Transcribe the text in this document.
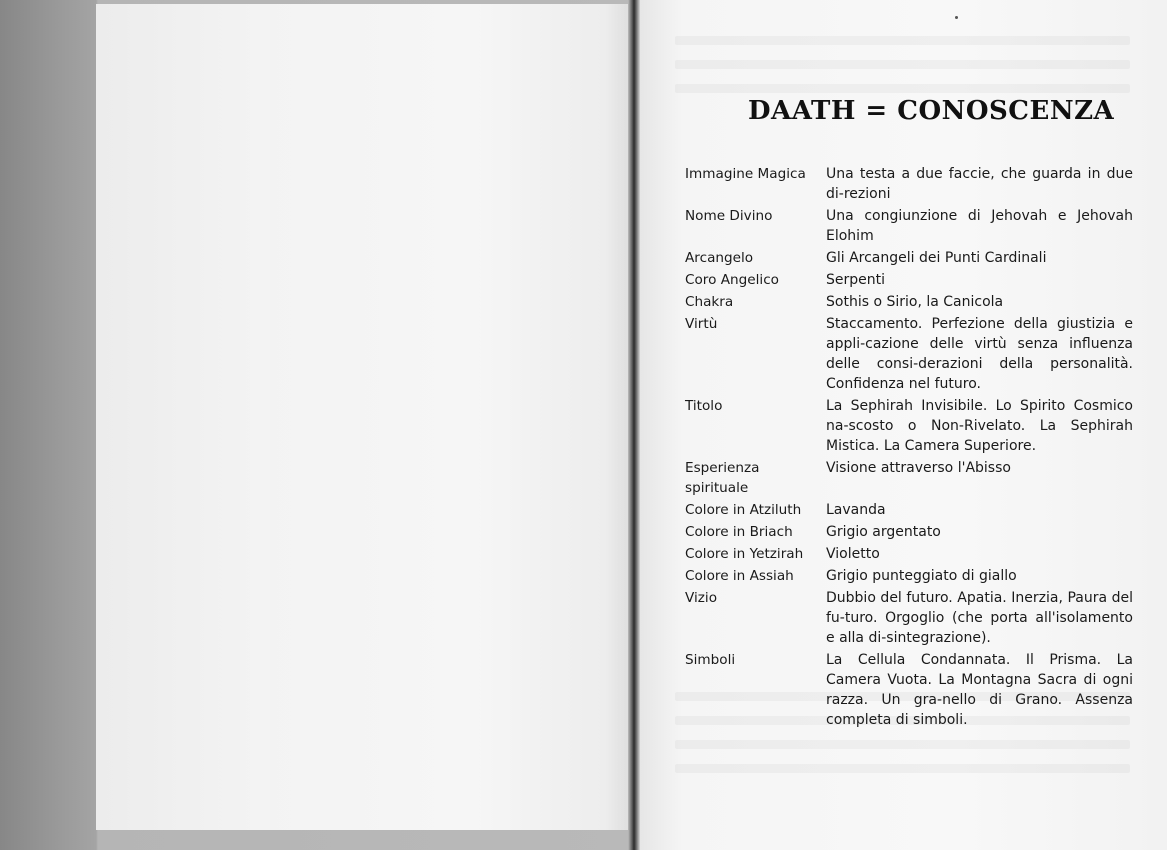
DAATH = CONOSCENZA
Immagine Magica	Una testa a due faccie, che guarda in due di-rezioni
Nome Divino	Una congiunzione di Jehovah e Jehovah Elohim
Arcangelo	Gli Arcangeli dei Punti Cardinali
Coro Angelico	Serpenti
Chakra	Sothis o Sirio, la Canicola
Virtù	Staccamento. Perfezione della giustizia e appli-cazione delle virtù senza influenza delle consi-derazioni della personalità. Confidenza nel futuro.
Titolo	La Sephirah Invisibile. Lo Spirito Cosmico na-scosto o Non-Rivelato. La Sephirah Mistica. La Camera Superiore.
Esperienza spirituale	Visione attraverso l'Abisso
Colore in Atziluth	Lavanda
Colore in Briach	Grigio argentato
Colore in Yetzirah	Violetto
Colore in Assiah	Grigio punteggiato di giallo
Vizio	Dubbio del futuro. Apatia. Inerzia, Paura del fu-turo. Orgoglio (che porta all'isolamento e alla di-sintegrazione).
Simboli	La Cellula Condannata. Il Prisma. La Camera Vuota. La Montagna Sacra di ogni razza. Un gra-nello di Grano. Assenza completa di simboli.
